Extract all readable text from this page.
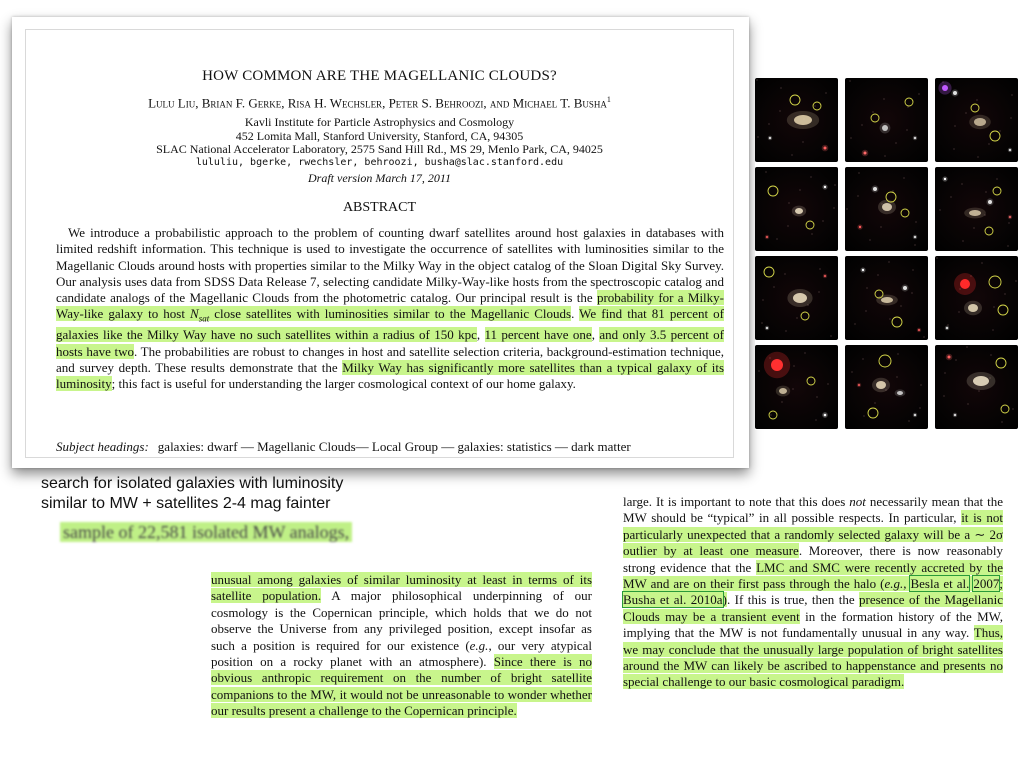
HOW COMMON ARE THE MAGELLANIC CLOUDS?
Lulu Liu, Brian F. Gerke, Risa H. Wechsler, Peter S. Behroozi, and Michael T. Busha$^1$
Kavli Institute for Particle Astrophysics and Cosmology
452 Lomita Mall, Stanford University, Stanford, CA, 94305
SLAC National Accelerator Laboratory, 2575 Sand Hill Rd., MS 29, Menlo Park, CA, 94025
lululiu, bgerke, rwechsler, behroozi, busha@slac.stanford.edu
Draft version March 17, 2011
ABSTRACT
We introduce a probabilistic approach to the problem of counting dwarf satellites around host galaxies in databases with limited redshift information. This technique is used to investigate the occurrence of satellites with luminosities similar to the Magellanic Clouds around hosts with properties similar to the Milky Way in the object catalog of the Sloan Digital Sky Survey. Our analysis uses data from SDSS Data Release 7, selecting candidate Milky-Way-like hosts from the spectroscopic catalog and candidate analogs of the Magellanic Clouds from the photometric catalog. Our principal result is the probability for a Milky-Way-like galaxy to host $N_{sat}$ close satellites with luminosities similar to the Magellanic Clouds. We find that 81 percent of galaxies like the Milky Way have no such satellites within a radius of 150 kpc, 11 percent have one, and only 3.5 percent of hosts have two. The probabilities are robust to changes in host and satellite selection criteria, background-estimation technique, and survey depth. These results demonstrate that the Milky Way has significantly more satellites than a typical galaxy of its luminosity; this fact is useful for understanding the larger cosmological context of our home galaxy.
Subject headings:	galaxies: dwarf — Magellanic Clouds— Local Group — galaxies: statistics — dark matter
search for isolated galaxies with luminosity similar to MW + satellites 2-4 mag fainter
sample of 22,581 isolated MW analogs,
unusual among galaxies of similar luminosity at least in terms of its satellite population. A major philosophical underpinning of our cosmology is the Copernican principle, which holds that we do not observe the Universe from any privileged position, except insofar as such a position is required for our existence (e.g., our very atypical position on a rocky planet with an atmosphere). Since there is no obvious anthropic requirement on the number of bright satellite companions to the MW, it would not be unreasonable to wonder whether our results present a challenge to the Copernican principle.
large. It is important to note that this does not necessarily mean that the MW should be “typical” in all possible respects. In particular, it is not particularly unexpected that a randomly selected galaxy will be a ∼ 2σ outlier by at least one measure. Moreover, there is now reasonably strong evidence that the LMC and SMC were recently accreted by the MW and are on their first pass through the halo (e.g., Besla et al. 2007; Busha et al. 2010a). If this is true, then the presence of the Magellanic Clouds may be a transient event in the formation history of the MW, implying that the MW is not fundamentally unusual in any way. Thus, we may conclude that the unusually large population of bright satellites around the MW can likely be ascribed to happenstance and presents no special challenge to our basic cosmological paradigm.
